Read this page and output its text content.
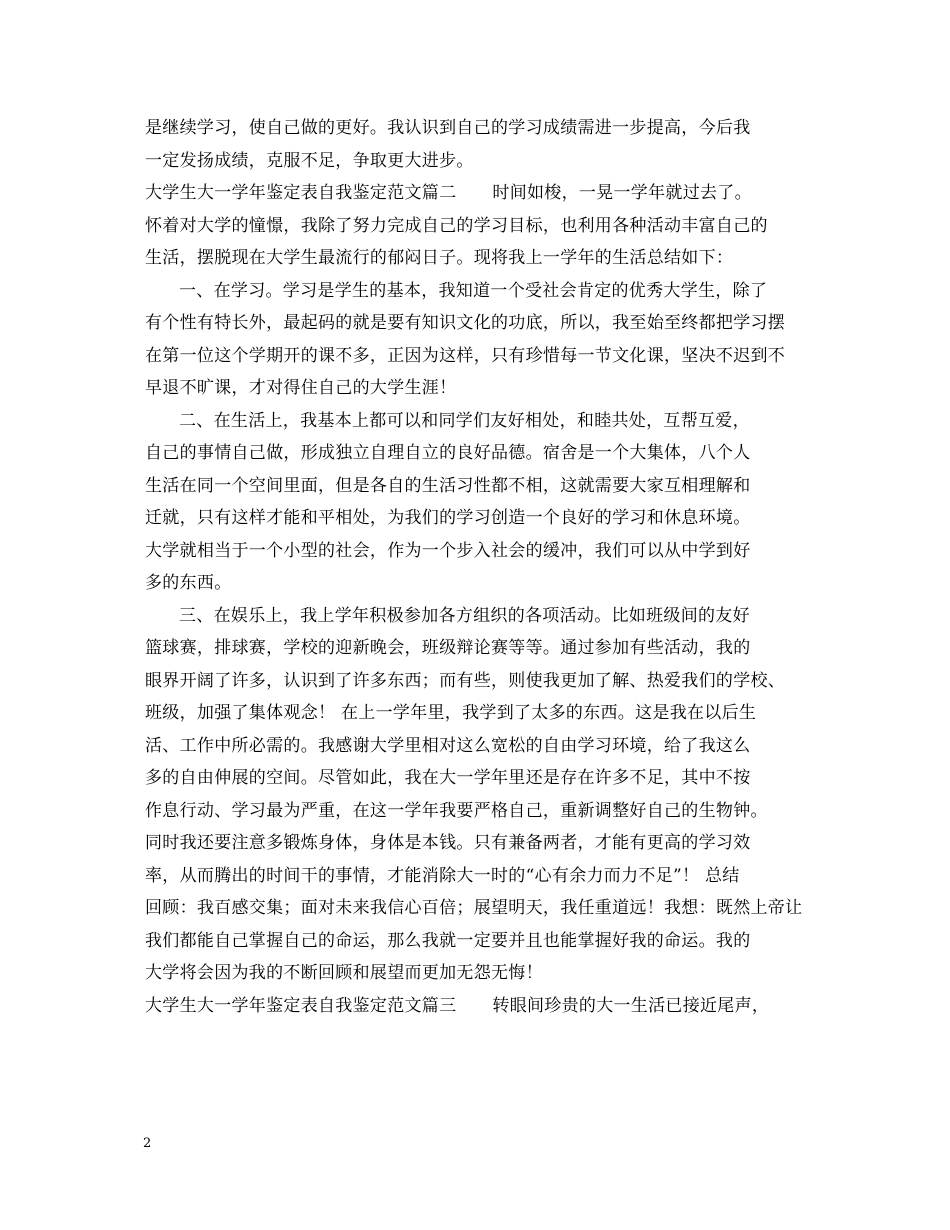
是继续学习，使自己做的更好。我认识到自己的学习成绩需进一步提高，今后我
一定发扬成绩，克服不足，争取更大进步。
大学生大一学年鉴定表自我鉴定范文篇二 时间如梭，一晃一学年就过去了。
怀着对大学的憧憬，我除了努力完成自己的学习目标，也利用各种活动丰富自己的
生活，摆脱现在大学生最流行的郁闷日子。现将我上一学年的生活总结如下：
一、在学习。学习是学生的基本，我知道一个受社会肯定的优秀大学生，除了
有个性有特长外，最起码的就是要有知识文化的功底，所以，我至始至终都把学习摆
在第一位这个学期开的课不多，正因为这样，只有珍惜每一节文化课，坚决不迟到不
早退不旷课，才对得住自己的大学生涯！
二、在生活上，我基本上都可以和同学们友好相处，和睦共处，互帮互爱，
自己的事情自己做，形成独立自理自立的良好品德。宿舍是一个大集体，八个人
生活在同一个空间里面，但是各自的生活习性都不相，这就需要大家互相理解和
迁就，只有这样才能和平相处，为我们的学习创造一个良好的学习和休息环境。
大学就相当于一个小型的社会，作为一个步入社会的缓冲，我们可以从中学到好
多的东西。
三、在娱乐上，我上学年积极参加各方组织的各项活动。比如班级间的友好
篮球赛，排球赛，学校的迎新晚会，班级辩论赛等等。通过参加有些活动，我的
眼界开阔了许多，认识到了许多东西；而有些，则使我更加了解、热爱我们的学校、
班级，加强了集体观念！ 在上一学年里，我学到了太多的东西。这是我在以后生
活、工作中所必需的。我感谢大学里相对这么宽松的自由学习环境，给了我这么
多的自由伸展的空间。尽管如此，我在大一学年里还是存在许多不足，其中不按
作息行动、学习最为严重，在这一学年我要严格自己，重新调整好自己的生物钟。
同时我还要注意多锻炼身体，身体是本钱。只有兼备两者，才能有更高的学习效
率，从而腾出的时间干的事情，才能消除大一时的“心有余力而力不足”！ 总结
回顾：我百感交集；面对未来我信心百倍；展望明天，我任重道远！我想：既然上帝让
我们都能自己掌握自己的命运，那么我就一定要并且也能掌握好我的命运。我的
大学将会因为我的不断回顾和展望而更加无怨无悔！
大学生大一学年鉴定表自我鉴定范文篇三 转眼间珍贵的大一生活已接近尾声，
2
